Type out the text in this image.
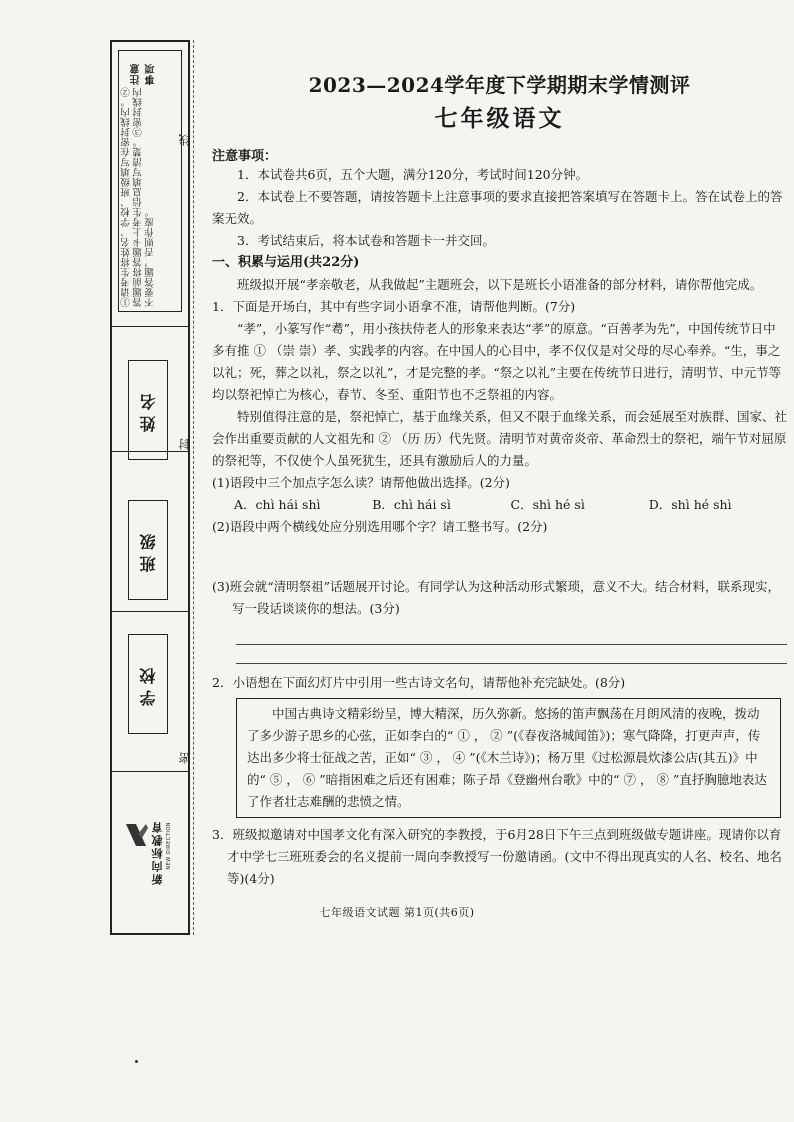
注意事项
①请考生将姓名、学校、班级填写在密封线内。②答题前将答题卡上考生信息填写清楚。③密封线内不要答题，否则作废。
姓名
班级
学校
新向标教育 NEW DIRECTION
线
封
密
2023—2024学年度下学期期末学情测评
七年级语文
注意事项：

1．本试卷共6页，五个大题，满分120分，考试时间120分钟。

2．本试卷上不要答题，请按答题卡上注意事项的要求直接把答案填写在答题卡上。答在试卷上的答案无效。

3．考试结束后，将本试卷和答题卡一并交回。

一、积累与运用(共22分)

班级拟开展“孝亲敬老，从我做起”主题班会，以下是班长小语准备的部分材料，请你帮他完成。

1．下面是开场白，其中有些字词小语拿不准，请帮他判断。(7分)

“孝”，小篆写作“耈”，用小孩扶侍老人的形象来表达“孝”的原意。“百善孝为先”，中国传统节日中多有推 ① （崇 崇）孝、实践孝的内容。在中国人的心目中，孝不仅仅是对父母的尽心奉养。“生，事之以礼；死，葬之以礼，祭之以礼”，才是完整的孝。“祭之以礼”主要在传统节日进行，清明节、中元节等均以祭祀悼亡为核心，春节、冬至、重阳节也不乏祭祖的内容。

特别值得注意的是，祭祀悼亡，基于血缘关系，但又不限于血缘关系，而会延展至对族群、国家、社会作出重要贡献的人文祖先和 ② （历 历）代先贤。清明节对黄帝炎帝、革命烈士的祭祀，端午节对屈原的祭祀等，不仅使个人虽死犹生，还具有激励后人的力量。

(1)语段中三个加点字怎么读？请帮他做出选择。(2分)

A．chì hái shì	B．chì hái sì	C．shì hé sì	D．shì hé shì

(2)语段中两个横线处应分别选用哪个字？请工整书写。(2分)

(3)班会就“清明祭祖”话题展开讨论。有同学认为这种活动形式繁琐，意义不大。结合材料，联系现实，写一段话谈谈你的想法。(3分)

2．小语想在下面幻灯片中引用一些古诗文名句，请帮他补充完缺处。(8分)

中国古典诗文精彩纷呈，博大精深，历久弥新。悠扬的笛声飘荡在月朗风清的夜晚，拨动了多少游子思乡的心弦，正如李白的“ ① ， ② ”(《春夜洛城闻笛》)；寒气降降，打更声声，传达出多少将士征战之苦，正如“ ③ ， ④ ”(《木兰诗》)；杨万里《过松源晨炊漆公店(其五)》中的“ ⑤ ， ⑥ ”暗指困难之后还有困难；陈子昂《登幽州台歌》中的“ ⑦ ， ⑧ ”直抒胸臆地表达了作者壮志难酬的悲愤之情。

3．班级拟邀请对中国孝文化有深入研究的李教授，于6月28日下午三点到班级做专题讲座。现请你以育才中学七三班班委会的名义提前一周向李教授写一份邀请函。(文中不得出现真实的人名、校名、地名等)(4分)

七年级语文试题 第1页(共6页)
